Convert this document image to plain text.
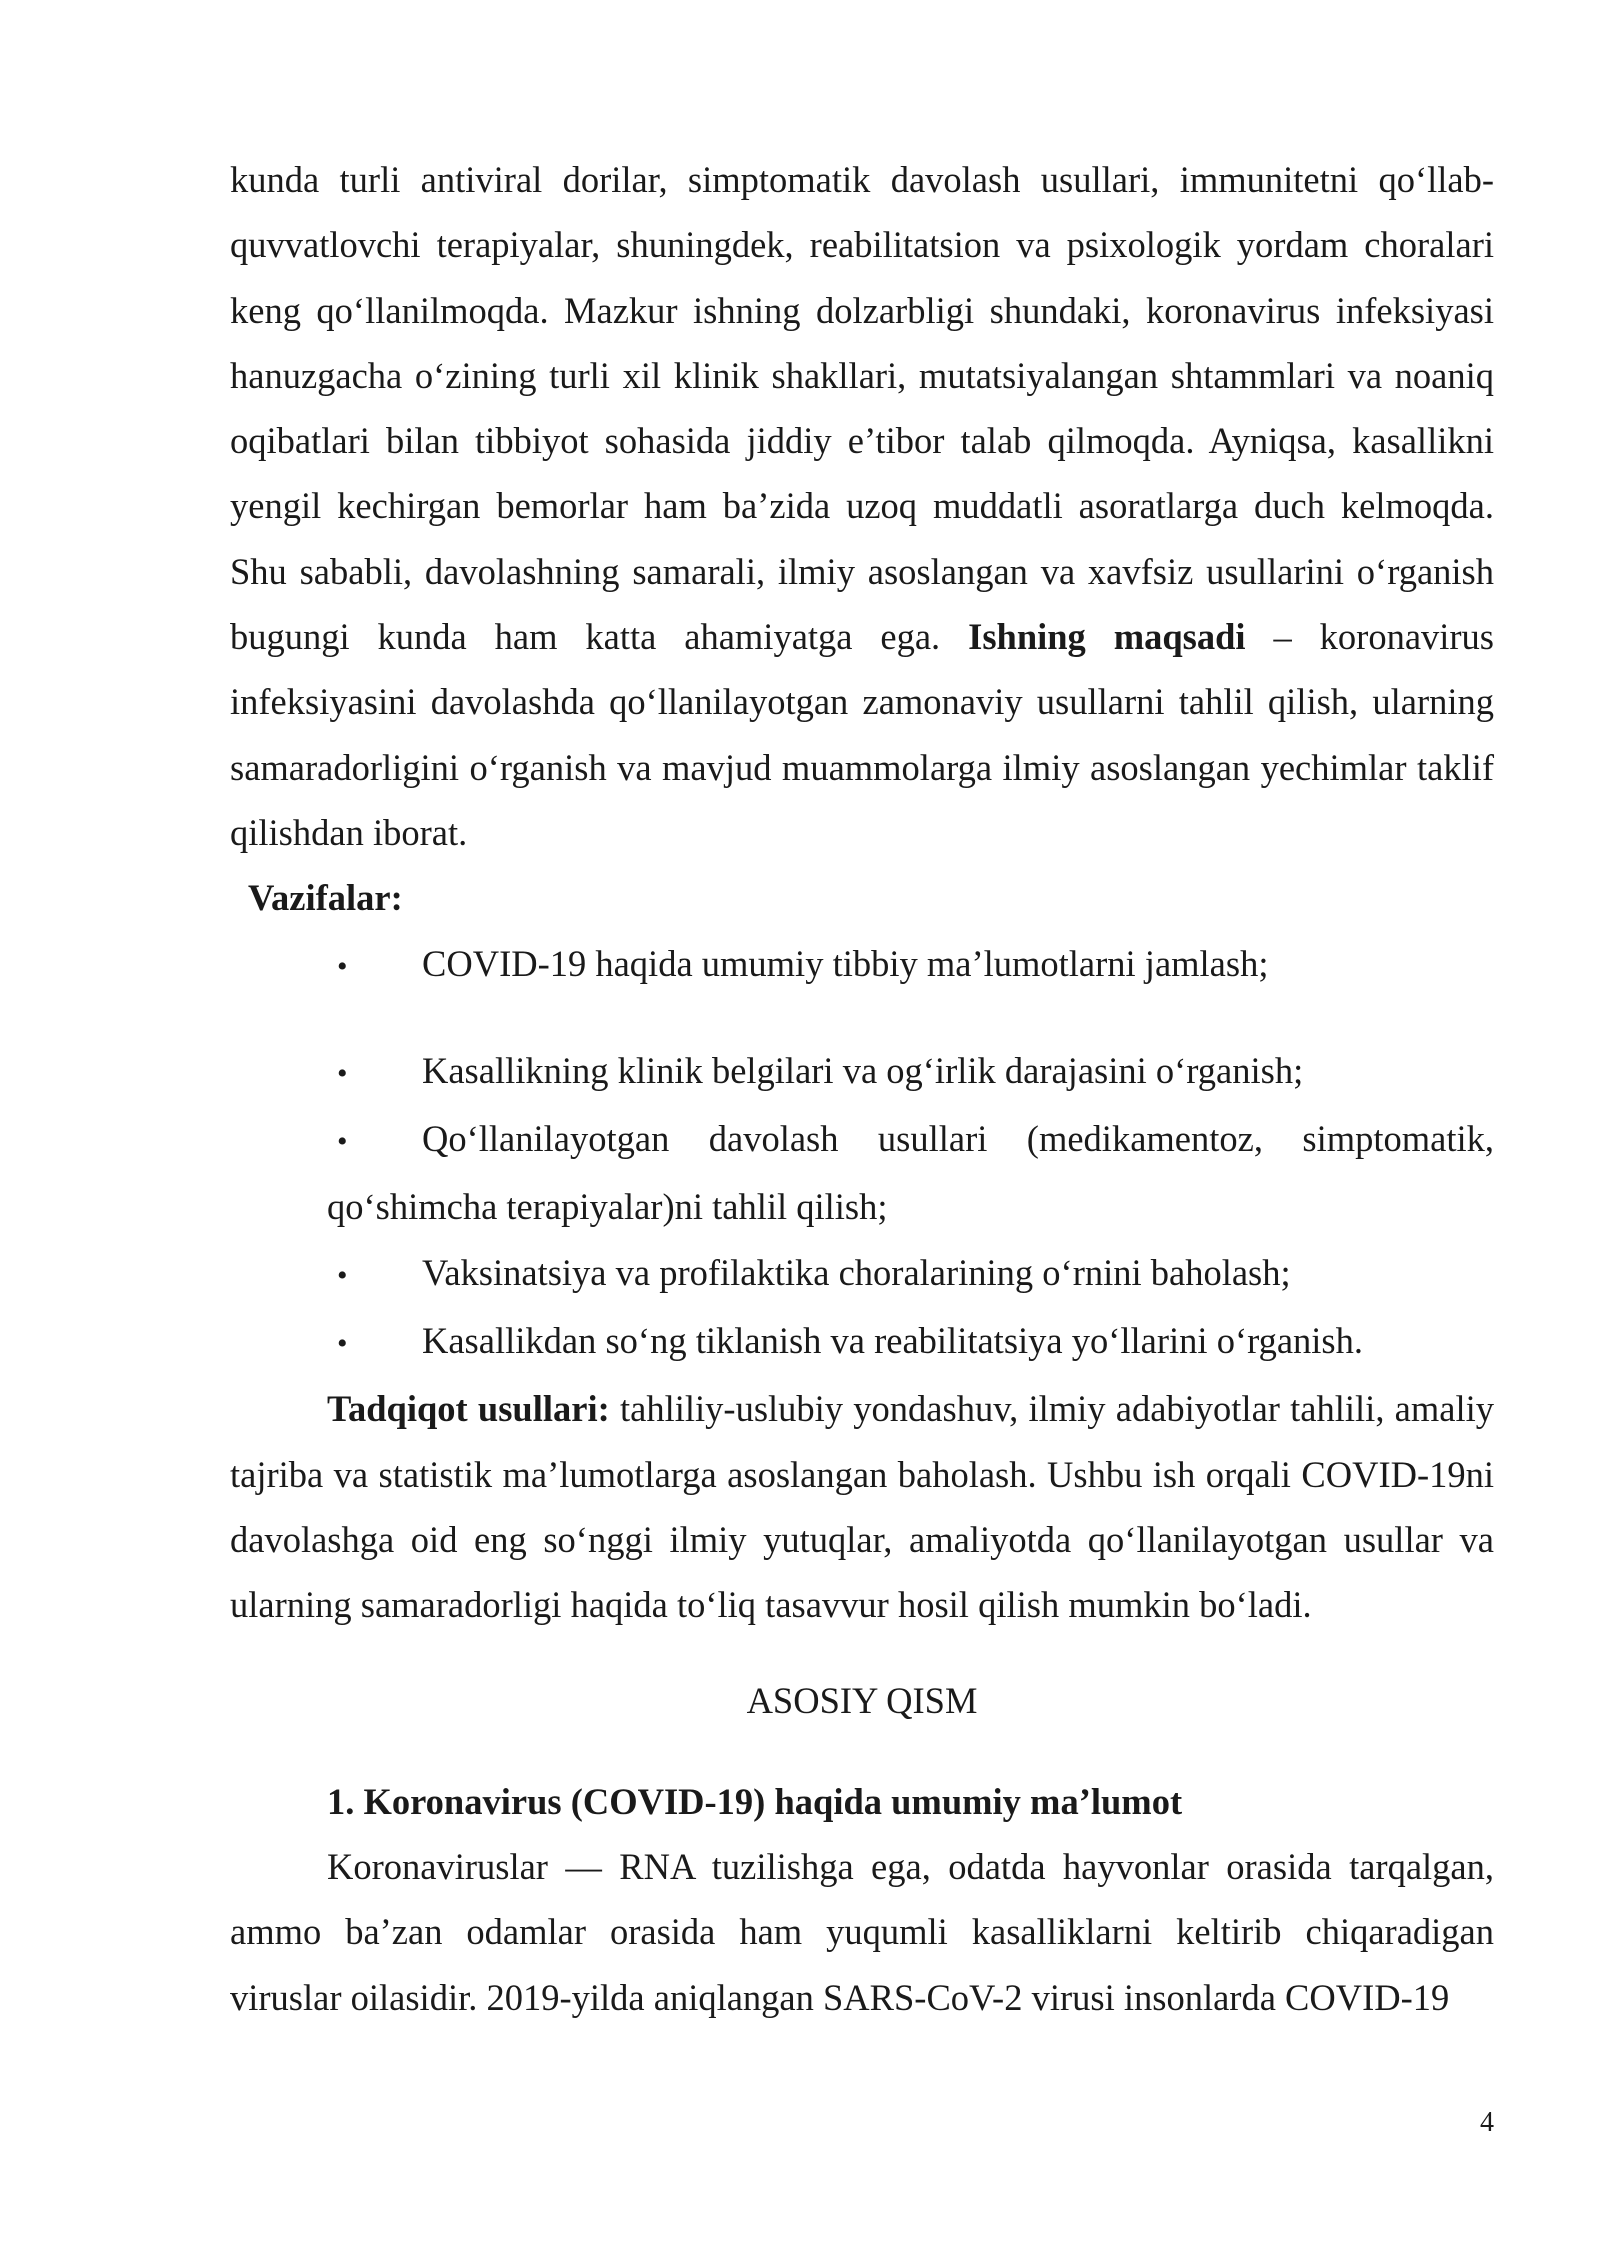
kunda turli antiviral dorilar, simptomatik davolash usullari, immunitetni qo‘llab-quvvatlovchi terapiyalar, shuningdek, reabilitatsion va psixologik yordam choralari keng qo‘llanilmoqda. Mazkur ishning dolzarbligi shundaki, koronavirus infeksiyasi hanuzgacha o‘zining turli xil klinik shakllari, mutatsiyalangan shtammlari va noaniq oqibatlari bilan tibbiyot sohasida jiddiy e’tibor talab qilmoqda. Ayniqsa, kasallikni yengil kechirgan bemorlar ham ba’zida uzoq muddatli asoratlarga duch kelmoqda. Shu sababli, davolashning samarali, ilmiy asoslangan va xavfsiz usullarini o‘rganish bugungi kunda ham katta ahamiyatga ega. Ishning maqsadi – koronavirus infeksiyasini davolashda qo‘llanilayotgan zamonaviy usullarni tahlil qilish, ularning samaradorligini o‘rganish va mavjud muammolarga ilmiy asoslangan yechimlar taklif qilishdan iborat.

Vazifalar:
• COVID-19 haqida umumiy tibbiy ma’lumotlarni jamlash;
• Kasallikning klinik belgilari va og‘irlik darajasini o‘rganish;
• Qo‘llanilayotgan davolash usullari (medikamentoz, simptomatik, qo‘shimcha terapiyalar)ni tahlil qilish;
• Vaksinatsiya va profilaktika choralarining o‘rnini baholash;
• Kasallikdan so‘ng tiklanish va reabilitatsiya yo‘llarini o‘rganish.

Tadqiqot usullari: tahliliy-uslubiy yondashuv, ilmiy adabiyotlar tahlili, amaliy tajriba va statistik ma’lumotlarga asoslangan baholash. Ushbu ish orqali COVID-19ni davolashga oid eng so‘nggi ilmiy yutuqlar, amaliyotda qo‘llanilayotgan usullar va ularning samaradorligi haqida to‘liq tasavvur hosil qilish mumkin bo‘ladi.

ASOSIY QISM
1. Koronavirus (COVID-19) haqida umumiy ma’lumot

Koronaviruslar — RNA tuzilishga ega, odatda hayvonlar orasida tarqalgan, ammo ba’zan odamlar orasida ham yuqumli kasalliklarni keltirib chiqaradigan viruslar oilasidir. 2019-yilda aniqlangan SARS-CoV-2 virusi insonlarda COVID-19

4
